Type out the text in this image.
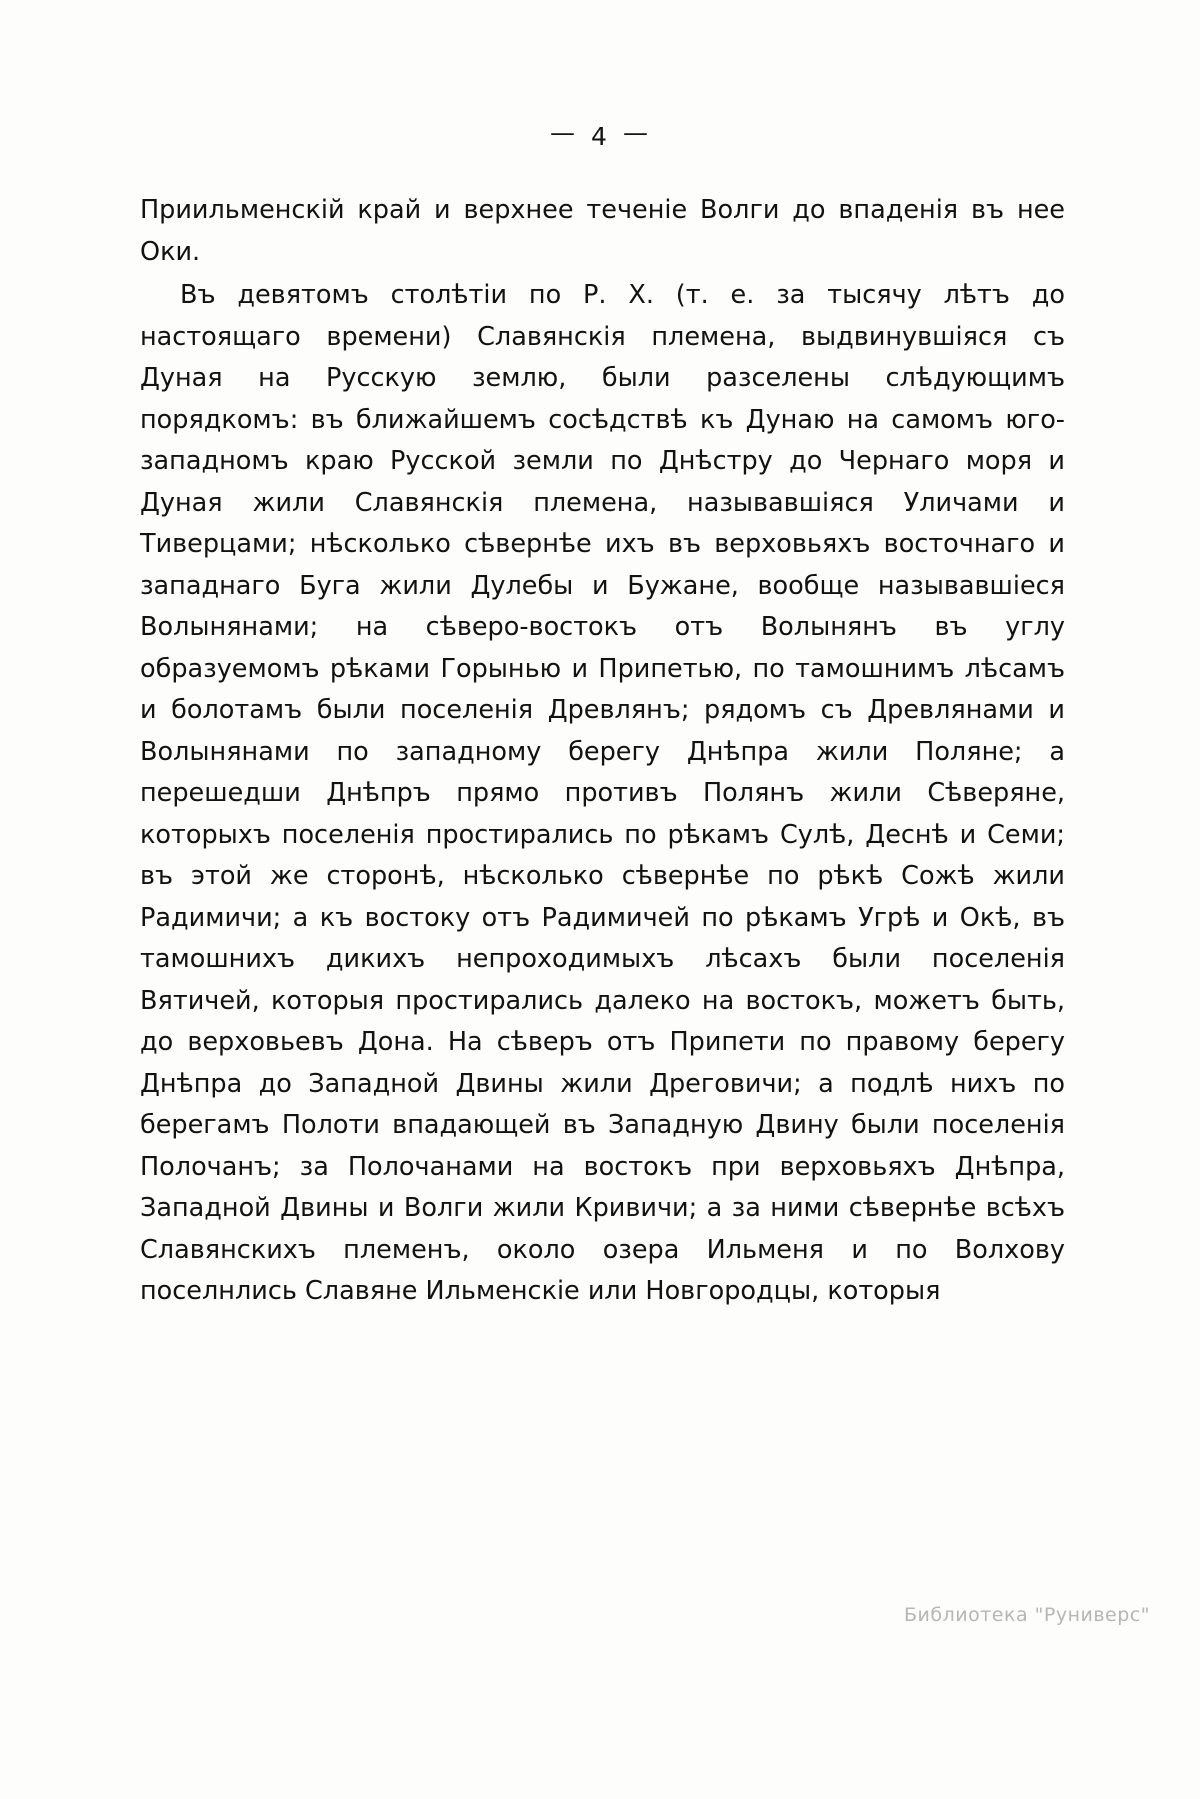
— 4 —

Приильменскiй край и верхнее теченiе Волги до впаденiя въ нее Оки.

Въ девятомъ столѣтiи по Р. Х. (т. е. за тысячу лѣтъ до настоящаго времени) Славянскiя племена, выдвинувшiяся съ Дуная на Русскую землю, были разселены слѣдующимъ порядкомъ: въ ближайшемъ сосѣдствѣ къ Дунаю на самомъ юго-западномъ краю Русской земли по Днѣстру до Чернаго моря и Дуная жили Славянскiя племена, называвшiяся Уличами и Тиверцами; нѣсколько сѣвернѣе ихъ въ верховьяхъ восточнаго и западнаго Буга жили Дулебы и Бужане, вообще называвшiеся Волынянами; на сѣверо-востокъ отъ Волынянъ въ углу образуемомъ рѣками Горынью и Припетью, по тамошнимъ лѣсамъ и болотамъ были поселенiя Древлянъ; рядомъ съ Древлянами и Волынянами по западному берегу Днѣпра жили Поляне; а перешедши Днѣпръ прямо противъ Полянъ жили Сѣверяне, которыхъ поселенiя простирались по рѣкамъ Сулѣ, Деснѣ и Семи; въ этой же сторонѣ, нѣсколько сѣвернѣе по рѣкѣ Сожѣ жили Радимичи; а къ востоку отъ Радимичей по рѣкамъ Угрѣ и Окѣ, въ тамошнихъ дикихъ непроходимыхъ лѣсахъ были поселенiя Вятичей, которыя простирались далеко на востокъ, можетъ быть, до верховьевъ Дона. На сѣверъ отъ Припети по правому берегу Днѣпра до Западной Двины жили Дреговичи; а подлѣ нихъ по берегамъ Полоти впадающей въ Западную Двину были поселенiя Полочанъ; за Полочанами на востокъ при верховьяхъ Днѣпра, Западной Двины и Волги жили Кривичи; а за ними сѣвернѣе всѣхъ Славянскихъ племенъ, около озера Ильменя и по Волхову поселнлись Славяне Ильменскiе или Новгородцы, которыя

Библиотека "Руниверс"
